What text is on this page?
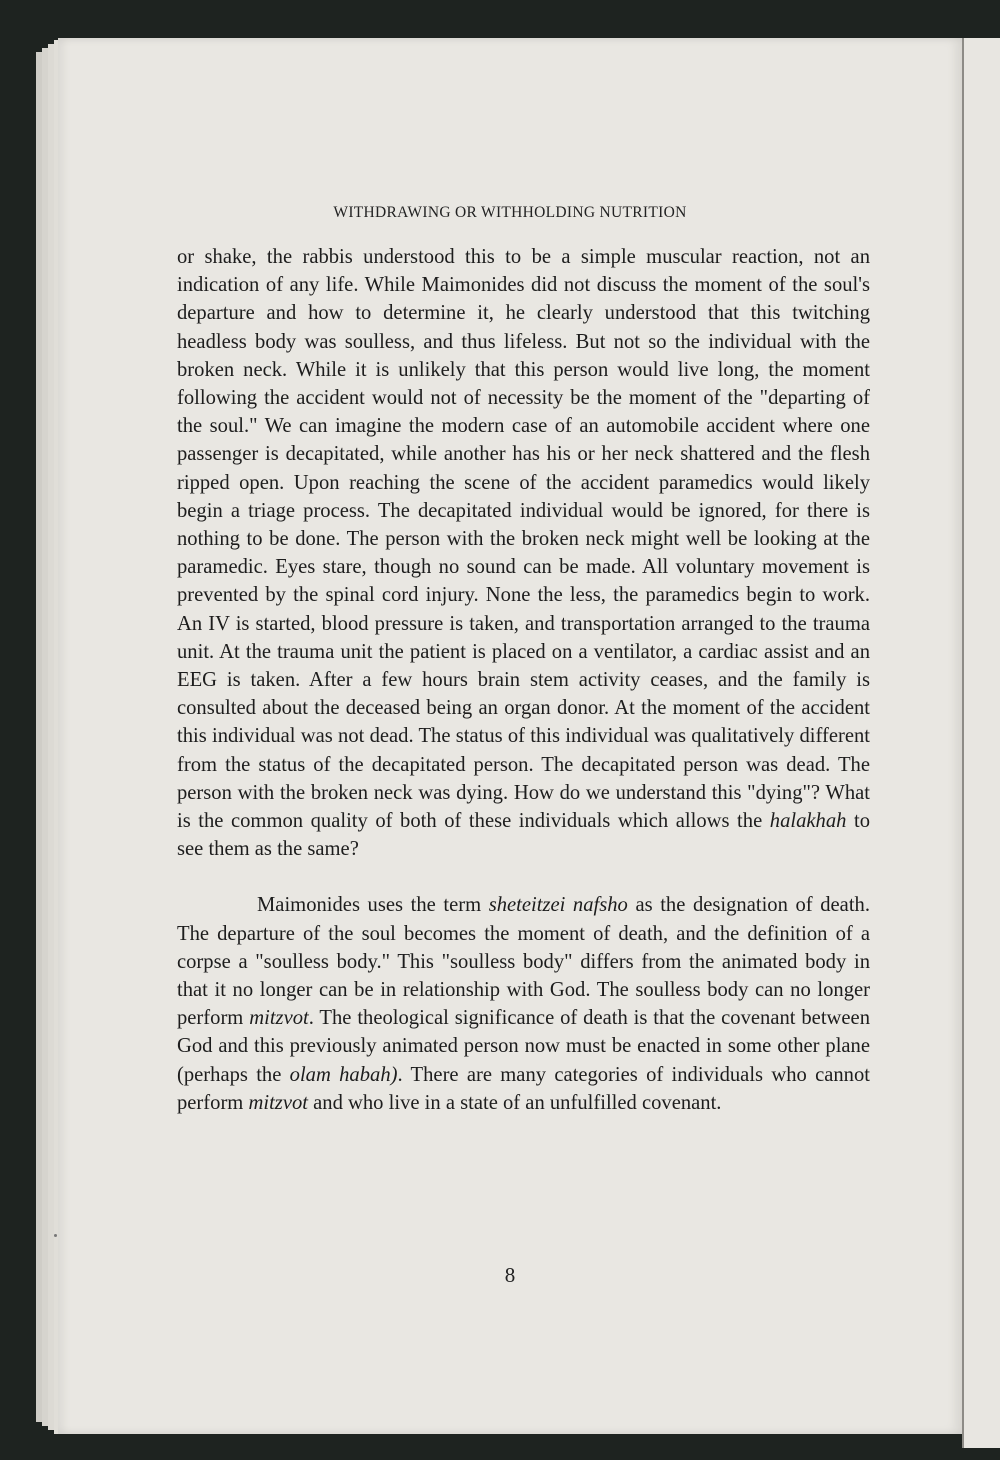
WITHDRAWING OR WITHHOLDING NUTRITION

or shake, the rabbis understood this to be a simple muscular reaction, not an indication of any life. While Maimonides did not discuss the moment of the soul's departure and how to determine it, he clearly understood that this twitching headless body was soulless, and thus lifeless. But not so the individual with the broken neck. While it is unlikely that this person would live long, the moment following the accident would not of necessity be the moment of the "departing of the soul." We can imagine the modern case of an automobile accident where one passenger is decapitated, while another has his or her neck shattered and the flesh ripped open. Upon reaching the scene of the accident paramedics would likely begin a triage process. The decapitated individual would be ignored, for there is nothing to be done. The person with the broken neck might well be looking at the paramedic. Eyes stare, though no sound can be made. All voluntary movement is prevented by the spinal cord injury. None the less, the paramedics begin to work. An IV is started, blood pressure is taken, and transportation arranged to the trauma unit. At the trauma unit the patient is placed on a ventilator, a cardiac assist and an EEG is taken. After a few hours brain stem activity ceases, and the family is consulted about the deceased being an organ donor. At the moment of the accident this individual was not dead. The status of this individual was qualitatively different from the status of the decapitated person. The decapitated person was dead. The person with the broken neck was dying. How do we understand this "dying"? What is the common quality of both of these individuals which allows the halakhah to see them as the same?

Maimonides uses the term sheteitzei nafsho as the designation of death. The departure of the soul becomes the moment of death, and the definition of a corpse a "soulless body." This "soulless body" differs from the animated body in that it no longer can be in relationship with God. The soulless body can no longer perform mitzvot. The theological significance of death is that the covenant between God and this previously animated person now must be enacted in some other plane (perhaps the olam habah). There are many categories of individuals who cannot perform mitzvot and who live in a state of an unfulfilled covenant.

8
